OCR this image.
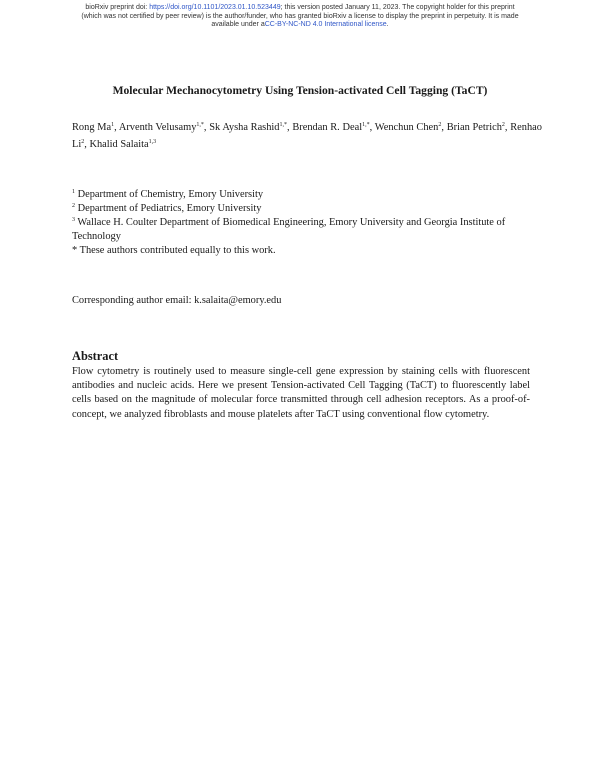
bioRxiv preprint doi: https://doi.org/10.1101/2023.01.10.523449; this version posted January 11, 2023. The copyright holder for this preprint
(which was not certified by peer review) is the author/funder, who has granted bioRxiv a license to display the preprint in perpetuity. It is made
available under aCC-BY-NC-ND 4.0 International license.
Molecular Mechanocytometry Using Tension-activated Cell Tagging (TaCT)
Rong Ma$^1$, Arventh Velusamy$^{1,*}$, Sk Aysha Rashid$^{1,*}$, Brendan R. Deal$^{1,*}$, Wenchun Chen$^2$, Brian Petrich$^2$, Renhao Li$^2$, Khalid Salaita$^{1,3}$
$^1$ Department of Chemistry, Emory University
$^2$ Department of Pediatrics, Emory University
$^3$ Wallace H. Coulter Department of Biomedical Engineering, Emory University and Georgia Institute of Technology
* These authors contributed equally to this work.
Corresponding author email: k.salaita@emory.edu
Abstract
Flow cytometry is routinely used to measure single-cell gene expression by staining cells with fluorescent antibodies and nucleic acids. Here we present Tension-activated Cell Tagging (TaCT) to fluorescently label cells based on the magnitude of molecular force transmitted through cell adhesion receptors. As a proof-of-concept, we analyzed fibroblasts and mouse platelets after TaCT using conventional flow cytometry.
